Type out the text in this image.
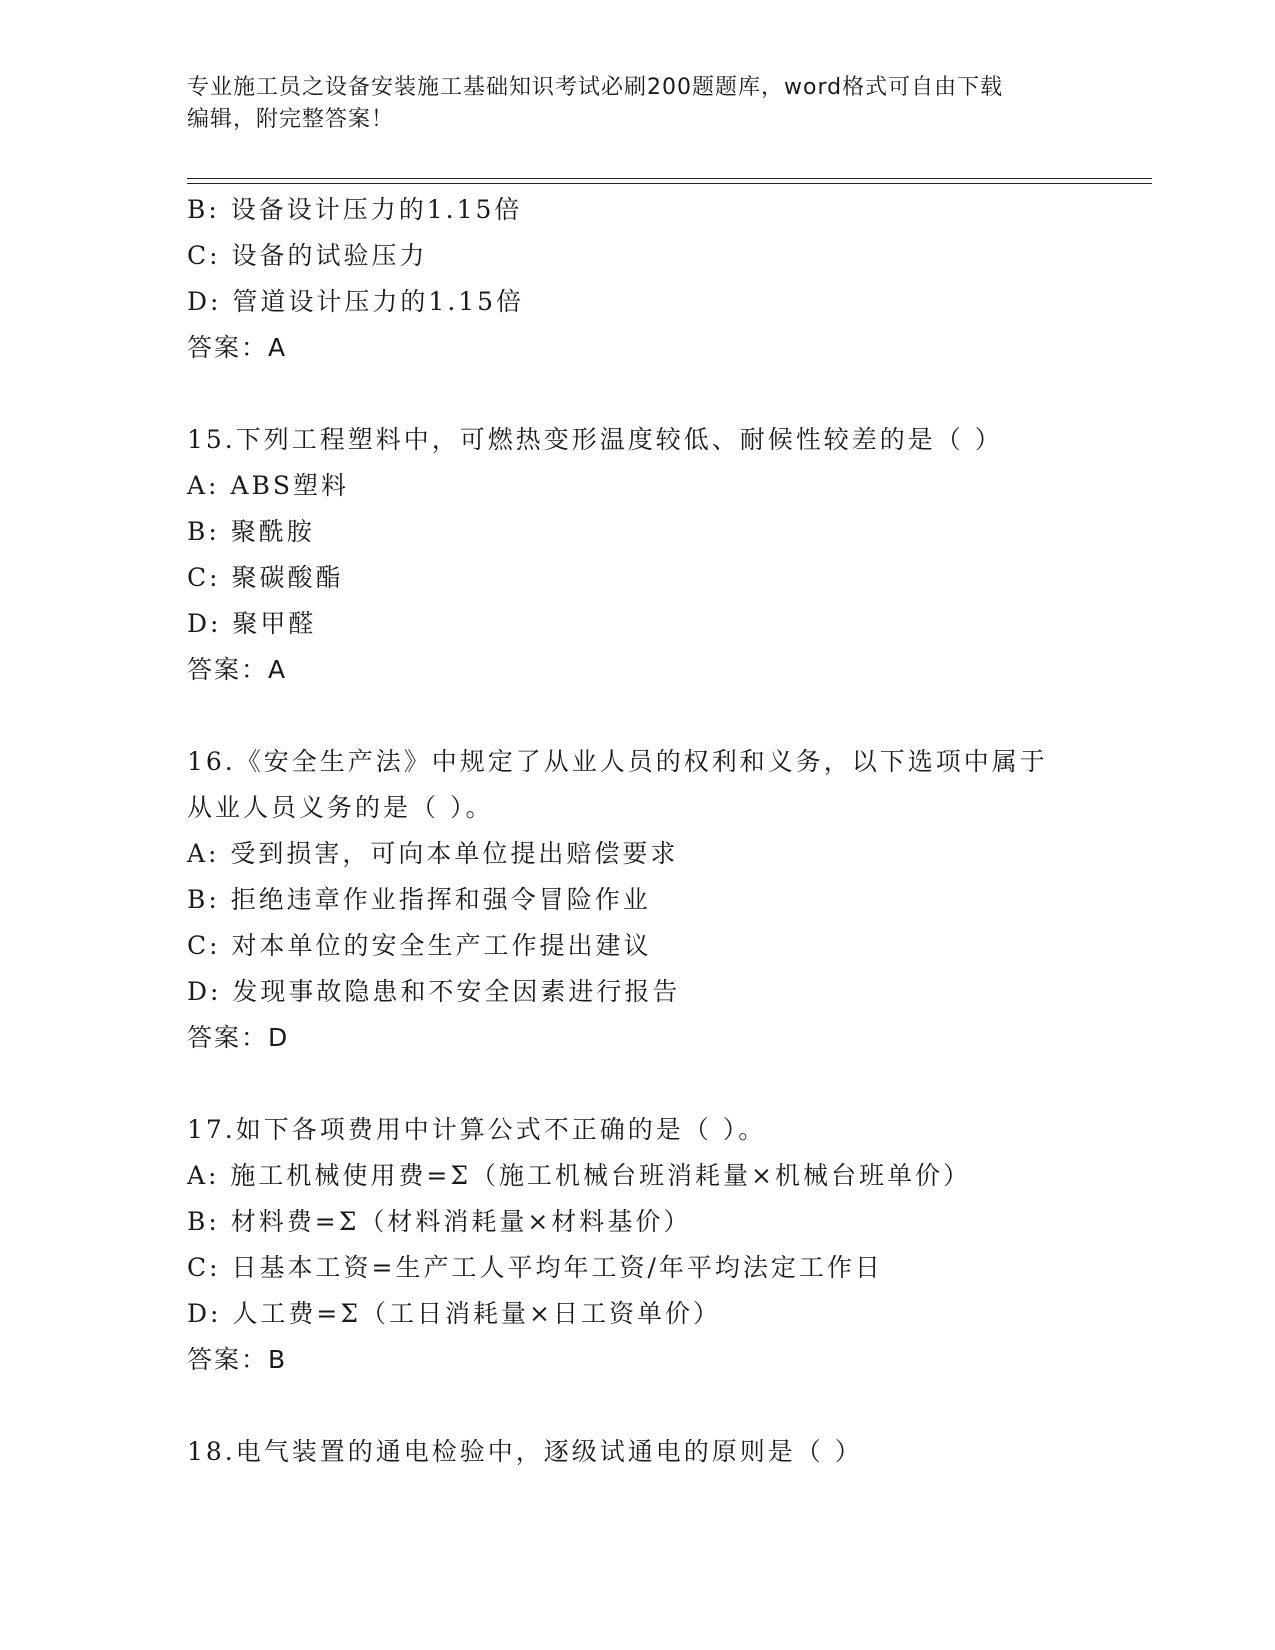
专业施工员之设备安装施工基础知识考试必刷200题题库，word格式可自由下载
编辑，附完整答案！
B: 设备设计压力的1.15倍
C: 设备的试验压力
D: 管道设计压力的1.15倍
答案：A
15.下列工程塑料中，可燃热变形温度较低、耐候性较差的是（ ）
A: ABS塑料
B: 聚酰胺
C: 聚碳酸酯
D: 聚甲醛
答案：A
16.《安全生产法》中规定了从业人员的权利和义务，以下选项中属于
从业人员义务的是（ ）。
A: 受到损害，可向本单位提出赔偿要求
B: 拒绝违章作业指挥和强令冒险作业
C: 对本单位的安全生产工作提出建议
D: 发现事故隐患和不安全因素进行报告
答案：D
17.如下各项费用中计算公式不正确的是（ ）。
A: 施工机械使用费=Σ（施工机械台班消耗量×机械台班单价）
B: 材料费=Σ（材料消耗量×材料基价）
C: 日基本工资=生产工人平均年工资/年平均法定工作日
D: 人工费=Σ（工日消耗量×日工资单价）
答案：B
18.电气装置的通电检验中，逐级试通电的原则是（ ）
